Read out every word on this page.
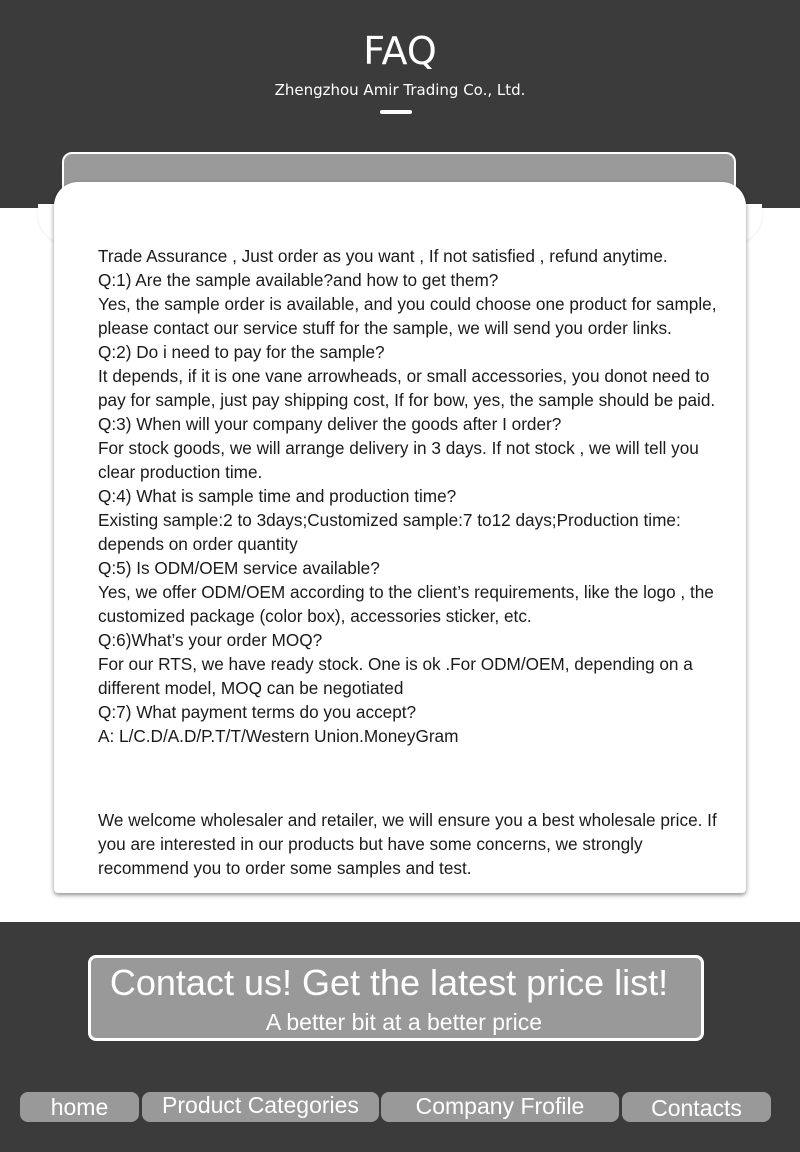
FAQ
Zhengzhou Amir Trading Co., Ltd.

Trade Assurance , Just order as you want , If not satisfied , refund anytime.

Q:1) Are the sample available?and how to get them?

Yes, the sample order is available, and you could choose one product for sample, please contact our service stuff for the sample, we will send you order links.

Q:2) Do i need to pay for the sample?

It depends, if it is one vane arrowheads, or small accessories, you donot need to pay for sample, just pay shipping cost, If for bow, yes, the sample should be paid.

Q:3) When will your company deliver the goods after I order?

For stock goods, we will arrange delivery in 3 days. If not stock , we will tell you clear production time.

Q:4) What is sample time and production time?

Existing sample:2 to 3days;Customized sample:7 to12 days;Production time: depends on order quantity

Q:5) Is ODM/OEM service available?

Yes, we offer ODM/OEM according to the client’s requirements, like the logo , the customized package (color box), accessories sticker, etc.

Q:6)What’s your order MOQ?

For our RTS, we have ready stock. One is ok .For ODM/OEM, depending on a different model, MOQ can be negotiated

Q:7) What payment terms do you accept?

A: L/C.D/A.D/P.T/T/Western Union.MoneyGram

We welcome wholesaler and retailer, we will ensure you a best wholesale price. If you are interested in our products but have some concerns, we strongly recommend you to order some samples and test.
Contact us! Get the latest price list!
A better bit at a better price
home	Product Categories	Company Frofile	Contacts
